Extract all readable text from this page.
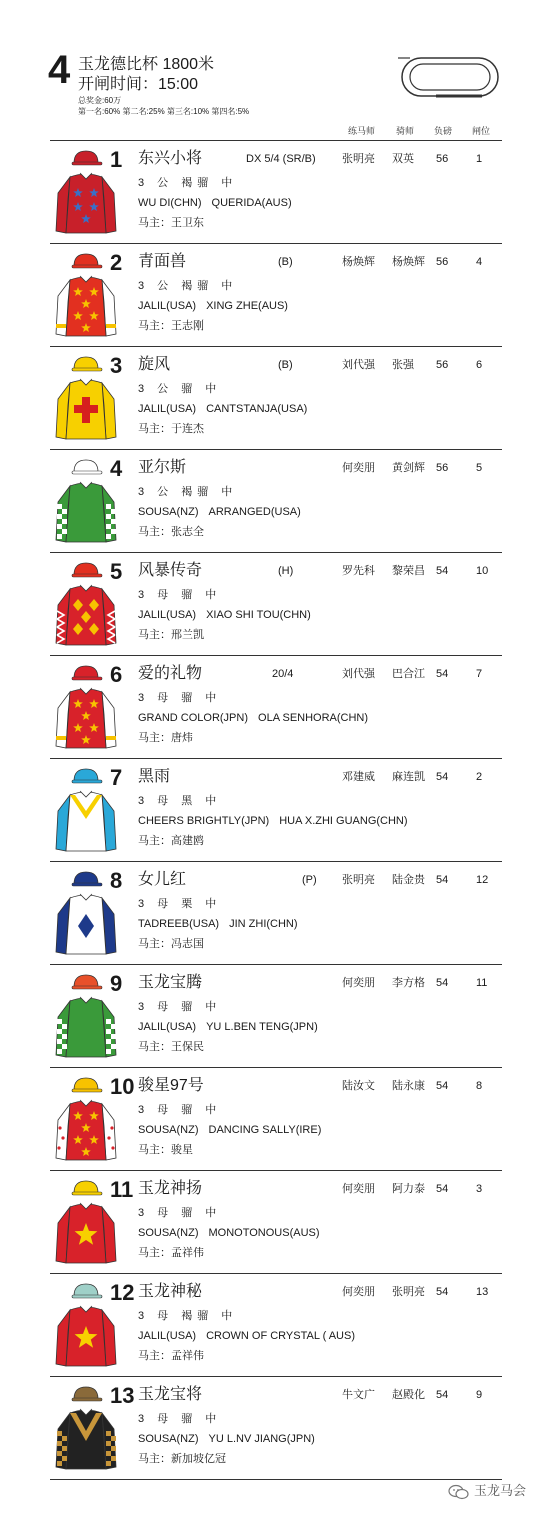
4 玉龙德比杯 1800米
开闸时间：15:00
总奖金:60万
第一名:60% 第二名:25% 第三名:10% 第四名:5%
练马师 骑师 负磅 闸位
1 东兴小将	DX 5/4 (SR/B) 张明亮 双英 56	1
3 公 褐骝 中
WU DI(CHN) QUERIDA(AUS)
马主：王卫东
2 青面兽	(B)	杨焕辉 杨焕辉 56	4
3 公 褐骝 中
JALIL(USA) XING ZHE(AUS)
马主：王志刚
3 旋风	(B)	刘代强 张强 56	6
3 公 骝 中
JALIL(USA) CANTSTANJA(USA)
马主：于连杰
4 亚尔斯	何奕朋 黄剑辉 56	5
3 公 褐骝 中
SOUSA(NZ) ARRANGED(USA)
马主：张志全
5 风暴传奇	(H)	罗先科 黎荣昌 54	10
3 母 骝 中
JALIL(USA) XIAO SHI TOU(CHN)
马主：邢兰凯
6 爱的礼物	20/4	刘代强 巴合江 54	7
3 母 骝 中
GRAND COLOR(JPN) OLA SENHORA(CHN)
马主：唐炜
7 黑雨	邓建威 麻连凯 54	2
3 母 黑 中
CHEERS BRIGHTLY(JPN) HUA X.ZHI GUANG(CHN)
马主：高建鸥
8 女儿红	(P) 张明亮 陆金贵 54	12
3 母 栗 中
TADREEB(USA) JIN ZHI(CHN)
马主：冯志国
9 玉龙宝腾	何奕朋 李方格 54	11
3 母 骝 中
JALIL(USA) YU L.BEN TENG(JPN)
马主：王保民
10 骏星97号	陆汝文 陆永康 54	8
3 母 骝 中
SOUSA(NZ) DANCING SALLY(IRE)
马主：骏星
11 玉龙神扬	何奕朋 阿力泰 54	3
3 母 骝 中
SOUSA(NZ) MONOTONOUS(AUS)
马主：孟祥伟
12 玉龙神秘	何奕朋 张明亮 54	13
3 母 褐骝 中
JALIL(USA) CROWN OF CRYSTAL ( AUS)
马主：孟祥伟
13 玉龙宝将	牛文广 赵殿化 54	9
3 母 骝 中
SOUSA(NZ) YU L.NV JIANG(JPN)
马主：新加坡亿冠
玉龙马会
